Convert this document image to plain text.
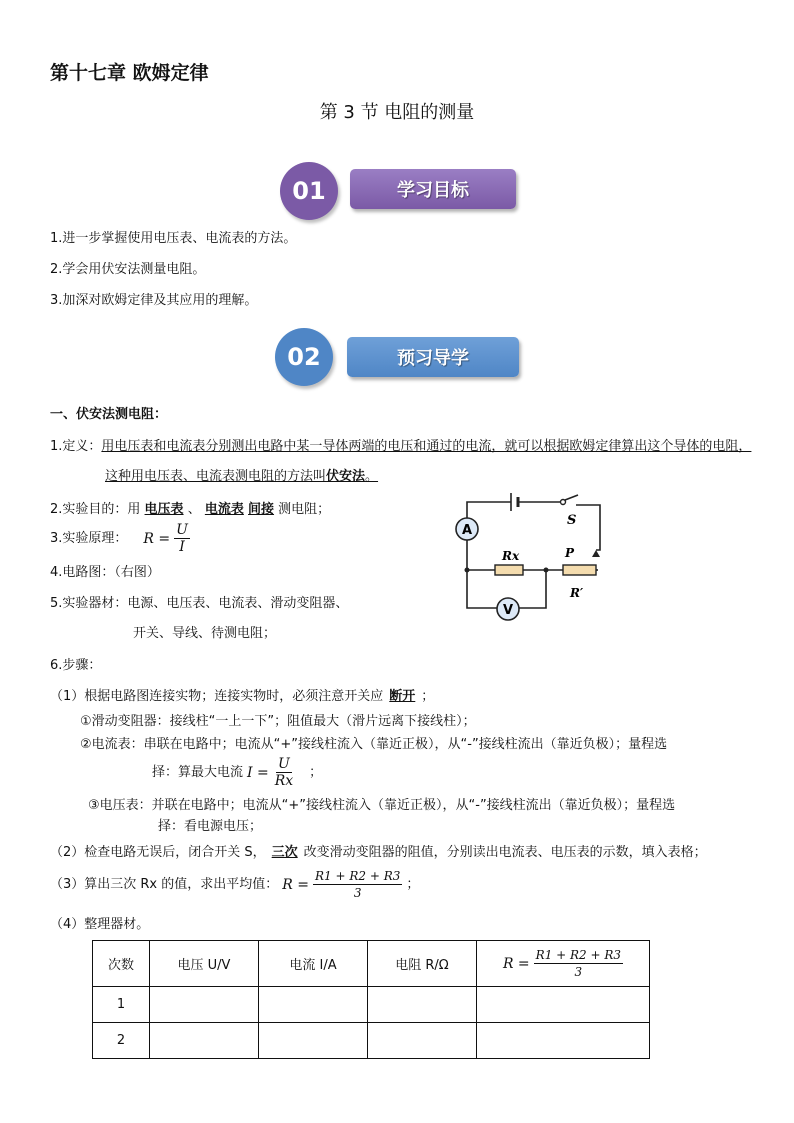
第十七章 欧姆定律
第 3 节 电阻的测量
学习目标
01
1.进一步掌握使用电压表、电流表的方法。
2.学会用伏安法测量电阻。
3.加深对欧姆定律及其应用的理解。
预习导学
02
一、伏安法测电阻：
1.定义：用电压表和电流表分别测出电路中某一导体两端的电压和通过的电流，就可以根据欧姆定律算出这个导体的电阻，
这种用电压表、电流表测电阻的方法叫伏安法。
2.实验目的：用 电压表 、 电流表 间接 测电阻；
3.实验原理： $R = \frac{U}{I}$
4.电路图：（右图）
5.实验器材：电源、电压表、电流表、滑动变阻器、
开关、导线、待测电阻；
A
V
Rx	P
R′
S
6.步骤：
（1）根据电路图连接实物；连接实物时，必须注意开关应 断开 ；
①滑动变阻器：接线柱“一上一下”；阻值最大（滑片远离下接线柱）；
②电流表：串联在电路中；电流从“+”接线柱流入（靠近正极），从“-”接线柱流出（靠近负极）；量程选
择：算最大电流 $I = \frac{U}{Rx}$ ；
③电压表：并联在电路中；电流从“+”接线柱流入（靠近正极），从“-”接线柱流出（靠近负极）；量程选
择：看电源电压；
（2）检查电路无误后，闭合开关 S， 三次 改变滑动变阻器的阻值，分别读出电流表、电压表的示数，填入表格；
（3）算出三次 Rx 的值，求出平均值： $R = \frac{R1 + R2 + R3}{3}$ ；
（4）整理器材。
次数	电压 U/V	电流 I/A	电阻 R/Ω	$R = \frac{R1 + R2 + R3}{3}$

1				
2				
